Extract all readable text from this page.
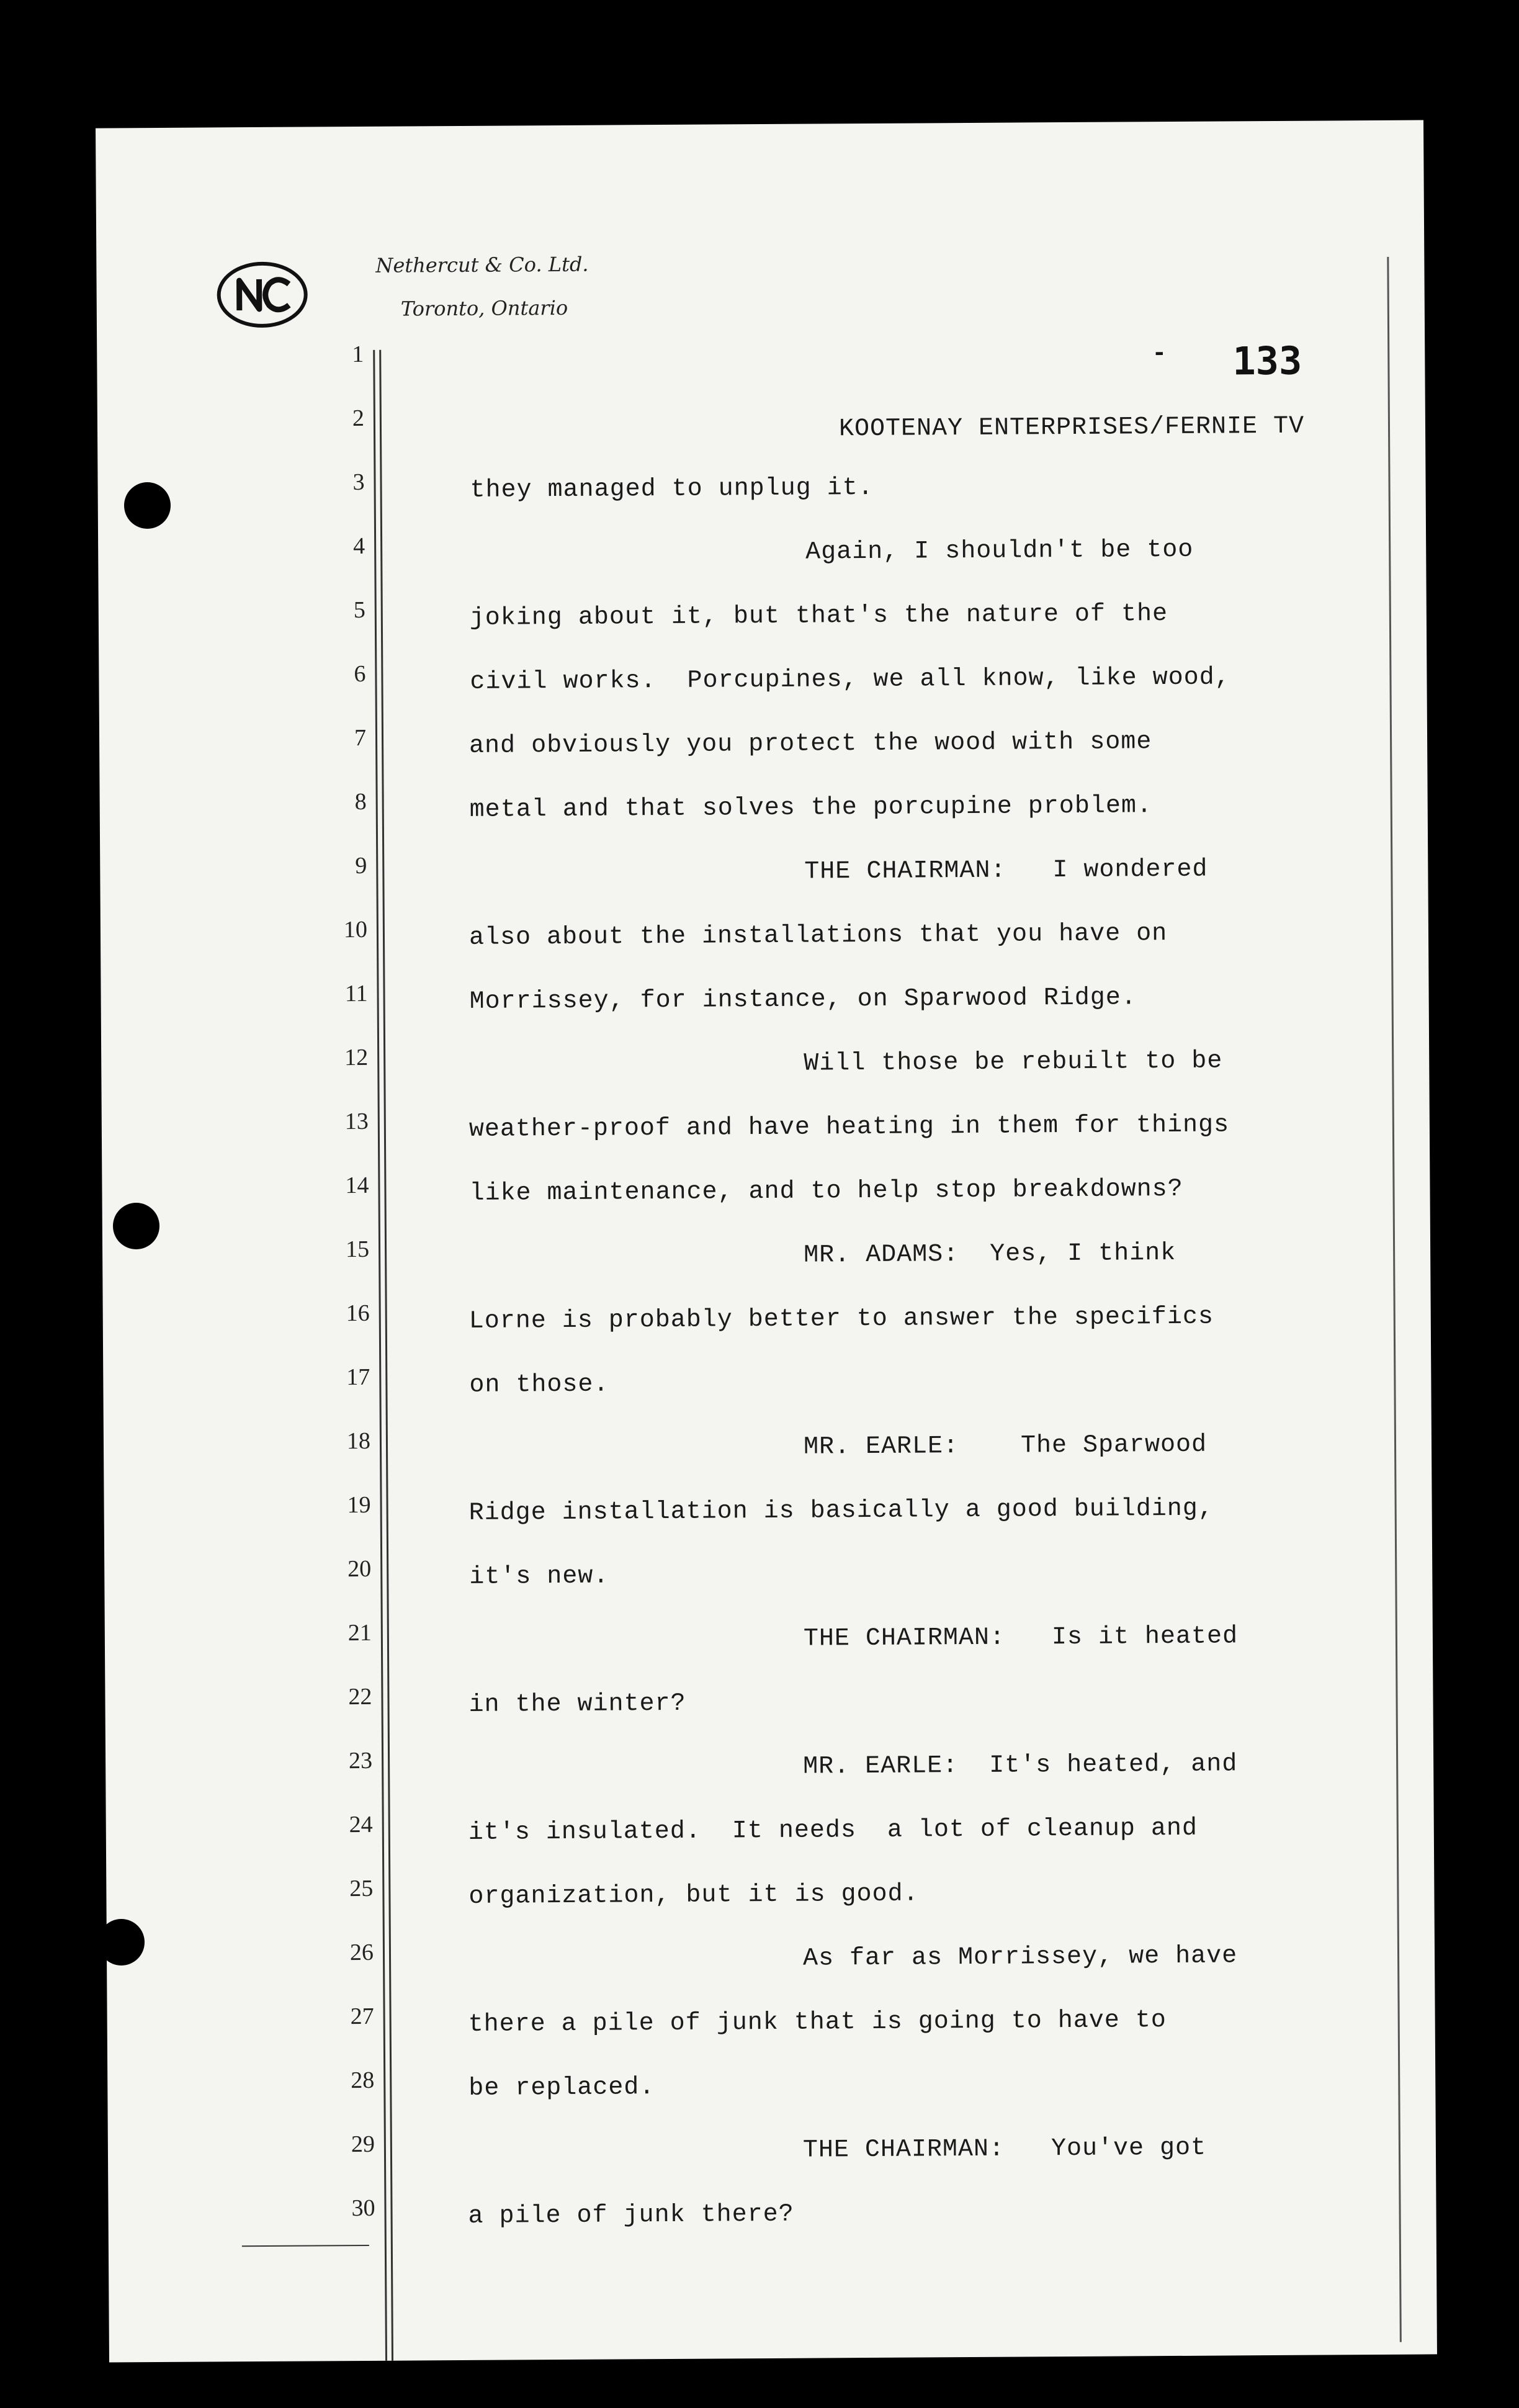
Nethercut & Co. Ltd.
Toronto, Ontario
- 133
1
2
3
4
5
6
7
8
9
10
11
12
13
14
15
16
17
18
19
20
21
22
23
24
25
26
27
28
29
30
KOOTENAY ENTERPRISES/FERNIE TV
they managed to unplug it.
Again, I shouldn't be too
joking about it, but that's the nature of the
civil works.  Porcupines, we all know, like wood,
and obviously you protect the wood with some
metal and that solves the porcupine problem.
THE CHAIRMAN:   I wondered
also about the installations that you have on
Morrissey, for instance, on Sparwood Ridge.
Will those be rebuilt to be
weather-proof and have heating in them for things
like maintenance, and to help stop breakdowns?
MR. ADAMS:  Yes, I think
Lorne is probably better to answer the specifics
on those.
MR. EARLE:    The Sparwood
Ridge installation is basically a good building,
it's new.
THE CHAIRMAN:   Is it heated
in the winter?
MR. EARLE:  It's heated, and
it's insulated.  It needs  a lot of cleanup and
organization, but it is good.
As far as Morrissey, we have
there a pile of junk that is going to have to
be replaced.
THE CHAIRMAN:   You've got
a pile of junk there?
